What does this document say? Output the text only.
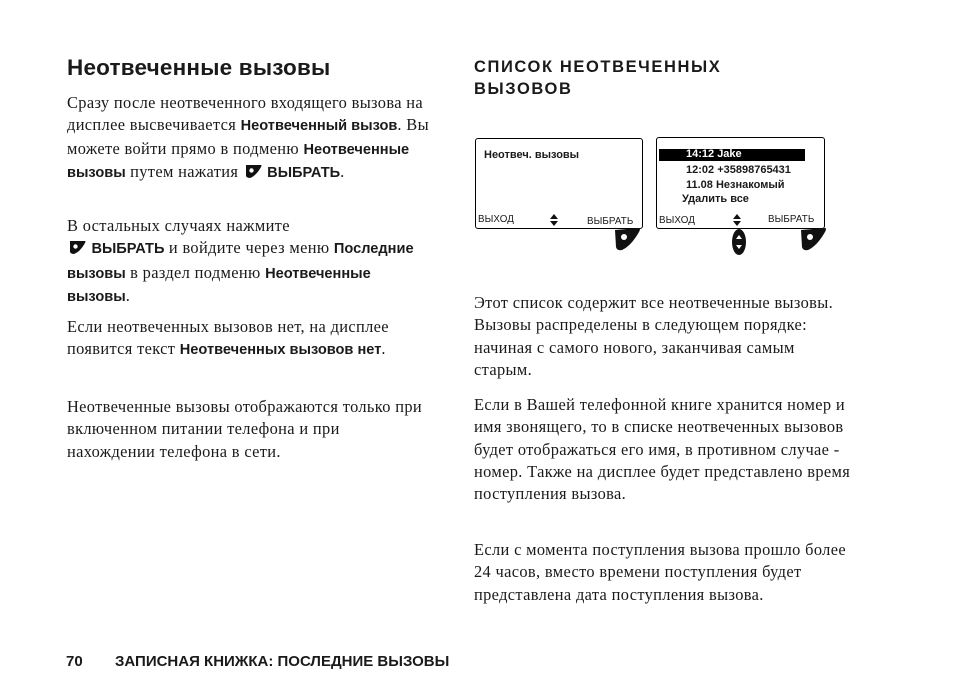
Неотвеченные вызовы

Сразу после неотвеченного входящего вызова на дисплее высвечивается Неотвеченный вызов. Вы можете войти прямо в подменю Неотвеченные вызовы путем нажатия  ВЫБРАТЬ.

В остальных случаях нажмите
ВЫБРАТЬ и войдите через меню Последние вызовы в раздел подменю Неотвеченные вызовы.

Если неотвеченных вызовов нет, на дисплее появится текст Неотвеченных вызовов нет.

Неотвеченные вызовы отображаются только при включенном питании телефона и при нахождении телефона в сети.

СПИСОК НЕОТВЕЧЕННЫХ
ВЫЗОВОВ
Неотвеч. вызовы
ВЫХОД	ВЫБРАТЬ
14:12 Jake
12:02 +35898765431
11.08 Незнакомый
Удалить все
ВЫХОД	ВЫБРАТЬ

Этот список содержит все неотвеченные вызовы. Вызовы распределены в следующем порядке: начиная с самого нового, заканчивая самым старым.

Если в Вашей телефонной книге хранится номер и имя звонящего, то в списке неотвеченных вызовов будет отображаться его имя, в противном случае - номер. Также на дисплее будет представлено время поступления вызова.

Если с момента поступления вызова прошло более 24 часов, вместо времени поступления будет представлена дата поступления вызова.

70 ЗАПИСНАЯ КНИЖКА: ПОСЛЕДНИЕ ВЫЗОВЫ
